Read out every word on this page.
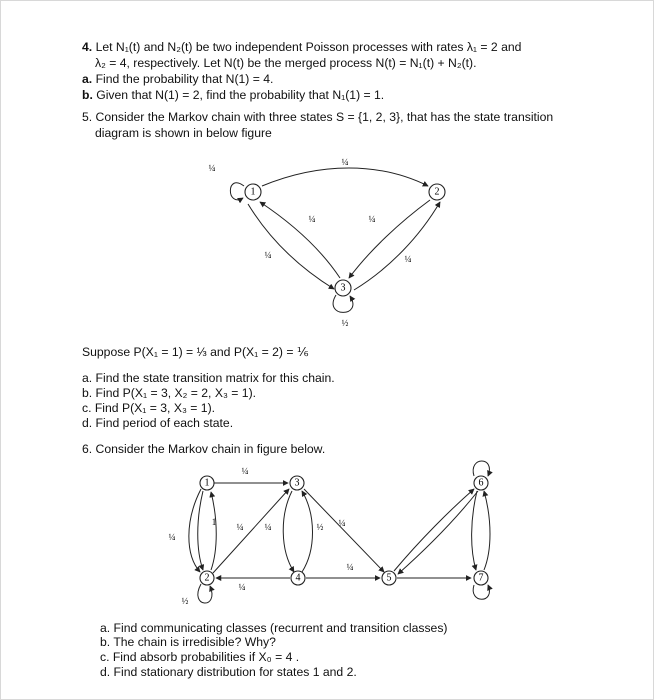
4. Let N₁(t) and N₂(t) be two independent Poisson processes with rates λ₁ = 2 and
λ₂ = 4, respectively. Let N(t) be the merged process N(t) = N₁(t) + N₂(t).
a. Find the probability that N(1) = 4.
b. Given that N(1) = 2, find the probability that N₁(1) = 1.
5. Consider the Markov chain with three states S = {1, 2, 3}, that has the state transition
diagram is shown in below figure
¼
¼
¼	¼
¼	¼
½
1	2
3
Suppose P(X₁ = 1) = ⅓ and P(X₁ = 2) = ⅙
a. Find the state transition matrix for this chain.
b. Find P(X₁ = 3, X₂ = 2, X₃ = 1).
c. Find P(X₁ = 3, X₃ = 1).
d. Find period of each state.
6. Consider the Markov chain in figure below.
¼
1 ¼
¼
¼	½ ¼
¼
¼
½
1
2
3
4	5
6
7
a. Find communicating classes (recurrent and transition classes)
b. The chain is irredisible? Why?
c. Find absorb probabilities if X₀ = 4 .
d. Find stationary distribution for states 1 and 2.
